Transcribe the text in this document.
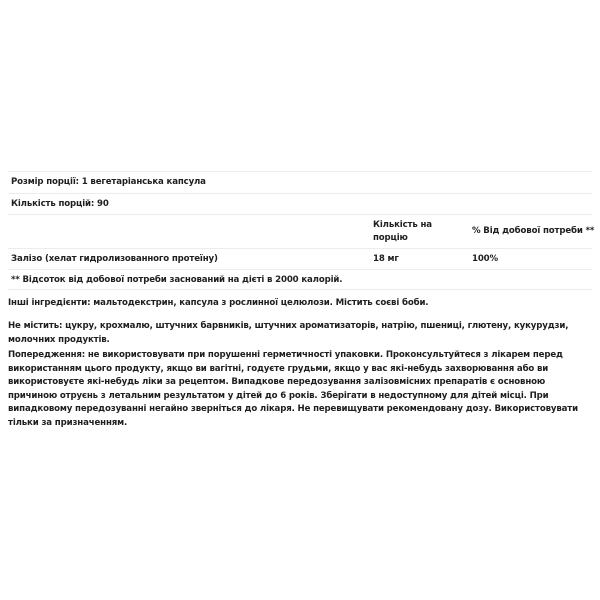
Розмір порції: 1 вегетаріанська капсула
Кількість порцій: 90
Кількість на порцію
% Від добової потреби **
Залізо (хелат гидролизованного протеїну)	18 мг	100%
** Відсоток від добової потреби заснований на дієті в 2000 калорій.
Інші інгредієнти: мальтодекстрин, капсула з рослинної целюлози. Містить соєві боби.
Не містить: цукру, крохмалю, штучних барвників, штучних ароматизаторів, натрію, пшениці, глютену, кукурудзи, молочних продуктів.
Попередження: не використовувати при порушенні герметичності упаковки. Проконсультуйтеся з лікарем перед використанням цього продукту, якщо ви вагітні, годуєте грудьми, якщо у вас які-небудь захворювання або ви використовуєте які-небудь ліки за рецептом. Випадкове передозування залізовмісних препаратів є основною причиною отруєнь з летальним результатом у дітей до 6 років. Зберігати в недоступному для дітей місці. При випадковому передозуванні негайно зверніться до лікаря. Не перевищувати рекомендовану дозу. Використовувати тільки за призначенням.
